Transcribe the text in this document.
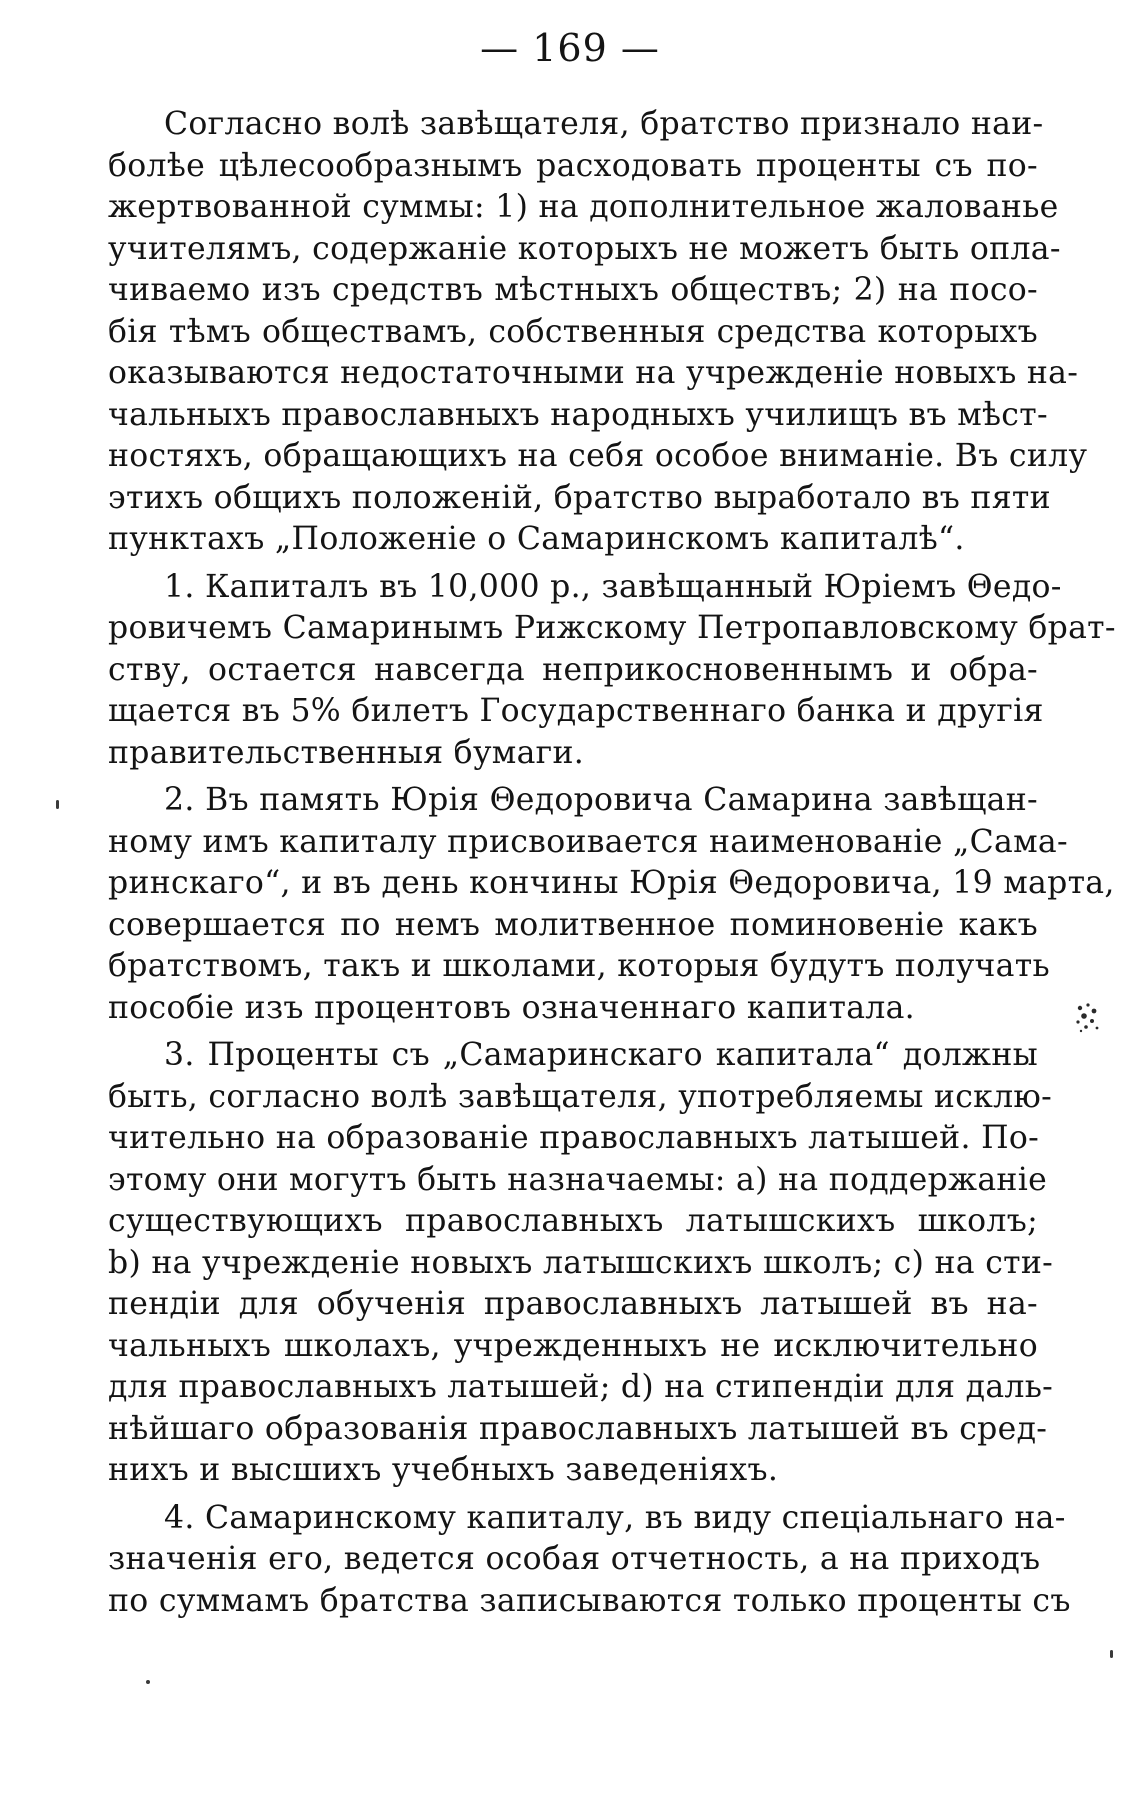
— 169 —
Согласно волѣ завѣщателя, братство признало наи-
болѣе цѣлесообразнымъ расходовать проценты съ по-
жертвованной суммы: 1) на дополнительное жалованье
учителямъ, содержаніе которыхъ не можетъ быть опла-
чиваемо изъ средствъ мѣстныхъ обществъ; 2) на посо-
бія тѣмъ обществамъ, собственныя средства которыхъ
оказываются недостаточными на учрежденіе новыхъ на-
чальныхъ православныхъ народныхъ училищъ въ мѣст-
ностяхъ, обращающихъ на себя особое вниманіе. Въ силу
этихъ общихъ положеній, братство выработало въ пяти
пунктахъ „Положеніе о Самаринскомъ капиталѣ“.
1. Капиталъ въ 10,000 р., завѣщанный Юріемъ Θедо-
ровичемъ Самаринымъ Рижскому Петропавловскому брат-
ству, остается навсегда неприкосновеннымъ и обра-
щается въ 5% билетъ Государственнаго банка и другія
правительственныя бумаги.
2. Въ память Юрія Θедоровича Самарина завѣщан-
ному имъ капиталу присвоивается наименованіе „Сама-
ринскаго“, и въ день кончины Юрія Θедоровича, 19 марта,
совершается по немъ молитвенное поминовеніе какъ
братствомъ, такъ и школами, которыя будутъ получать
пособіе изъ процентовъ означеннаго капитала.
3. Проценты съ „Самаринскаго капитала“ должны
быть, согласно волѣ завѣщателя, употребляемы исклю-
чительно на образованіе православныхъ латышей. По-
этому они могутъ быть назначаемы: a) на поддержаніе
существующихъ православныхъ латышскихъ школъ;
b) на учрежденіе новыхъ латышскихъ школъ; c) на сти-
пендіи для обученія православныхъ латышей въ на-
чальныхъ школахъ, учрежденныхъ не исключительно
для православныхъ латышей; d) на стипендіи для даль-
нѣйшаго образованія православныхъ латышей въ сред-
нихъ и высшихъ учебныхъ заведеніяхъ.
4. Самаринскому капиталу, въ виду спеціальнаго на-
значенія его, ведется особая отчетность, а на приходъ
по суммамъ братства записываются только проценты съ
